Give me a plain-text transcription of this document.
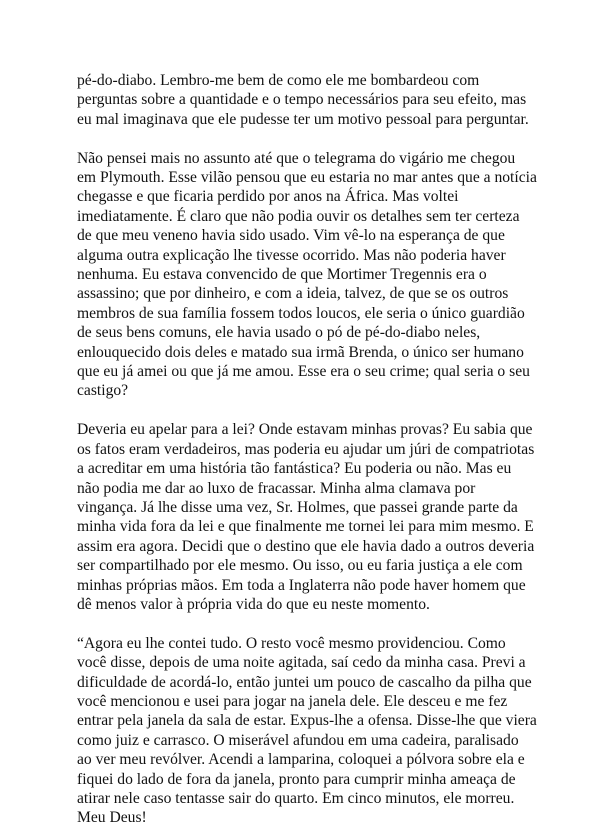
pé-do-diabo. Lembro-me bem de como ele me bombardeou com perguntas sobre a quantidade e o tempo necessários para seu efeito, mas eu mal imaginava que ele pudesse ter um motivo pessoal para perguntar.

Não pensei mais no assunto até que o telegrama do vigário me chegou em Plymouth. Esse vilão pensou que eu estaria no mar antes que a notícia chegasse e que ficaria perdido por anos na África. Mas voltei imediatamente. É claro que não podia ouvir os detalhes sem ter certeza de que meu veneno havia sido usado. Vim vê-lo na esperança de que alguma outra explicação lhe tivesse ocorrido. Mas não poderia haver nenhuma. Eu estava convencido de que Mortimer Tregennis era o assassino; que por dinheiro, e com a ideia, talvez, de que se os outros membros de sua família fossem todos loucos, ele seria o único guardião de seus bens comuns, ele havia usado o pó de pé-do-diabo neles, enlouquecido dois deles e matado sua irmã Brenda, o único ser humano que eu já amei ou que já me amou. Esse era o seu crime; qual seria o seu castigo?

Deveria eu apelar para a lei? Onde estavam minhas provas? Eu sabia que os fatos eram verdadeiros, mas poderia eu ajudar um júri de compatriotas a acreditar em uma história tão fantástica? Eu poderia ou não. Mas eu não podia me dar ao luxo de fracassar. Minha alma clamava por vingança. Já lhe disse uma vez, Sr. Holmes, que passei grande parte da minha vida fora da lei e que finalmente me tornei lei para mim mesmo. E assim era agora. Decidi que o destino que ele havia dado a outros deveria ser compartilhado por ele mesmo. Ou isso, ou eu faria justiça a ele com minhas próprias mãos. Em toda a Inglaterra não pode haver homem que dê menos valor à própria vida do que eu neste momento.

“Agora eu lhe contei tudo. O resto você mesmo providenciou. Como você disse, depois de uma noite agitada, saí cedo da minha casa. Previ a dificuldade de acordá-lo, então juntei um pouco de cascalho da pilha que você mencionou e usei para jogar na janela dele. Ele desceu e me fez entrar pela janela da sala de estar. Expus-lhe a ofensa. Disse-lhe que viera como juiz e carrasco. O miserável afundou em uma cadeira, paralisado ao ver meu revólver. Acendi a lamparina, coloquei a pólvora sobre ela e fiquei do lado de fora da janela, pronto para cumprir minha ameaça de atirar nele caso tentasse sair do quarto. Em cinco minutos, ele morreu. Meu Deus!
